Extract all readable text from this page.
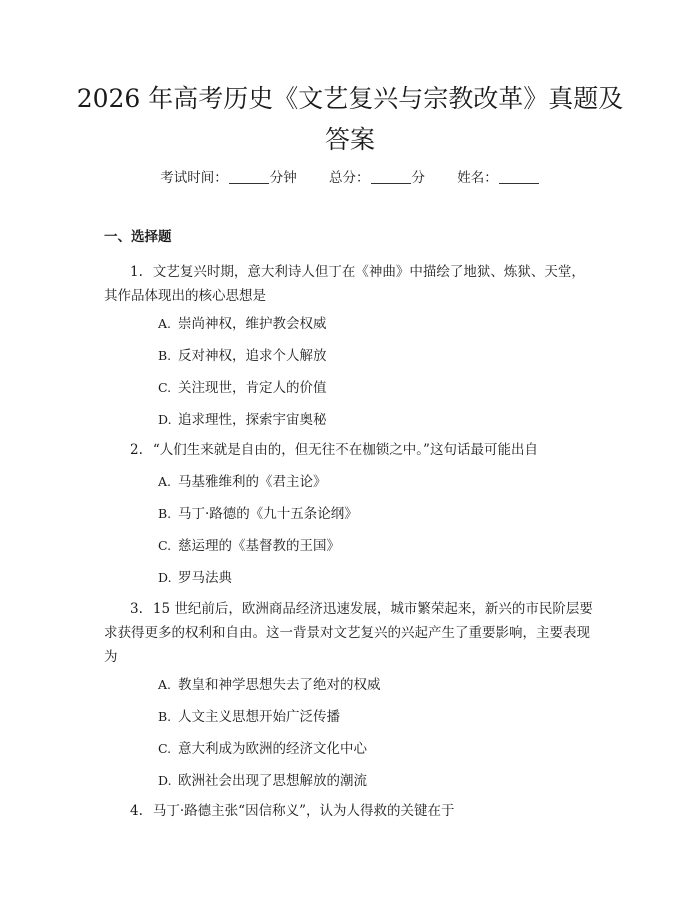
2026 年高考历史《文艺复兴与宗教改革》真题及答案
考试时间：	分钟 总分：	分 姓名：
一、选择题
1. 文艺复兴时期，意大利诗人但丁在《神曲》中描绘了地狱、炼狱、天堂，其作品体现出的核心思想是
A. 崇尚神权，维护教会权威
B. 反对神权，追求个人解放
C. 关注现世，肯定人的价值
D. 追求理性，探索宇宙奥秘
2. “人们生来就是自由的，但无往不在枷锁之中。”这句话最可能出自
A. 马基雅维利的《君主论》
B. 马丁·路德的《九十五条论纲》
C. 慈运理的《基督教的王国》
D. 罗马法典
3. 15 世纪前后，欧洲商品经济迅速发展，城市繁荣起来，新兴的市民阶层要求获得更多的权利和自由。这一背景对文艺复兴的兴起产生了重要影响，主要表现为
A. 教皇和神学思想失去了绝对的权威
B. 人文主义思想开始广泛传播
C. 意大利成为欧洲的经济文化中心
D. 欧洲社会出现了思想解放的潮流
4. 马丁·路德主张“因信称义”，认为人得救的关键在于
